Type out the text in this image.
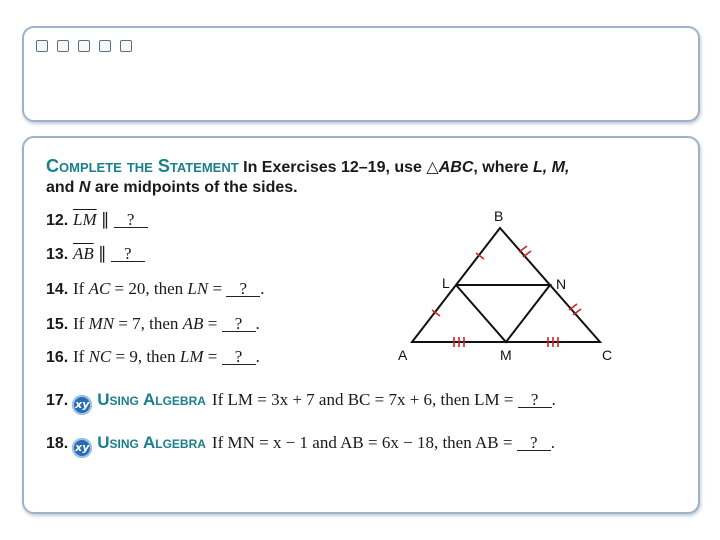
Complete the Statement In Exercises 12–19, use △ABC, where L, M,
and N are midpoints of the sides.
12. $\overline{LM}$ ∥ ?
13. $\overline{AB}$ ∥ ?
14. If AC = 20, then LN = ? .
15. If MN = 7, then AB = ? .
16. If NC = 9, then LM = ? .
17. xy Using Algebra If LM = 3x + 7 and BC = 7x + 6, then LM = ? .
18. xy Using Algebra If MN = x − 1 and AB = 6x − 18, then AB = ? .
B
L	N
A	M	C
